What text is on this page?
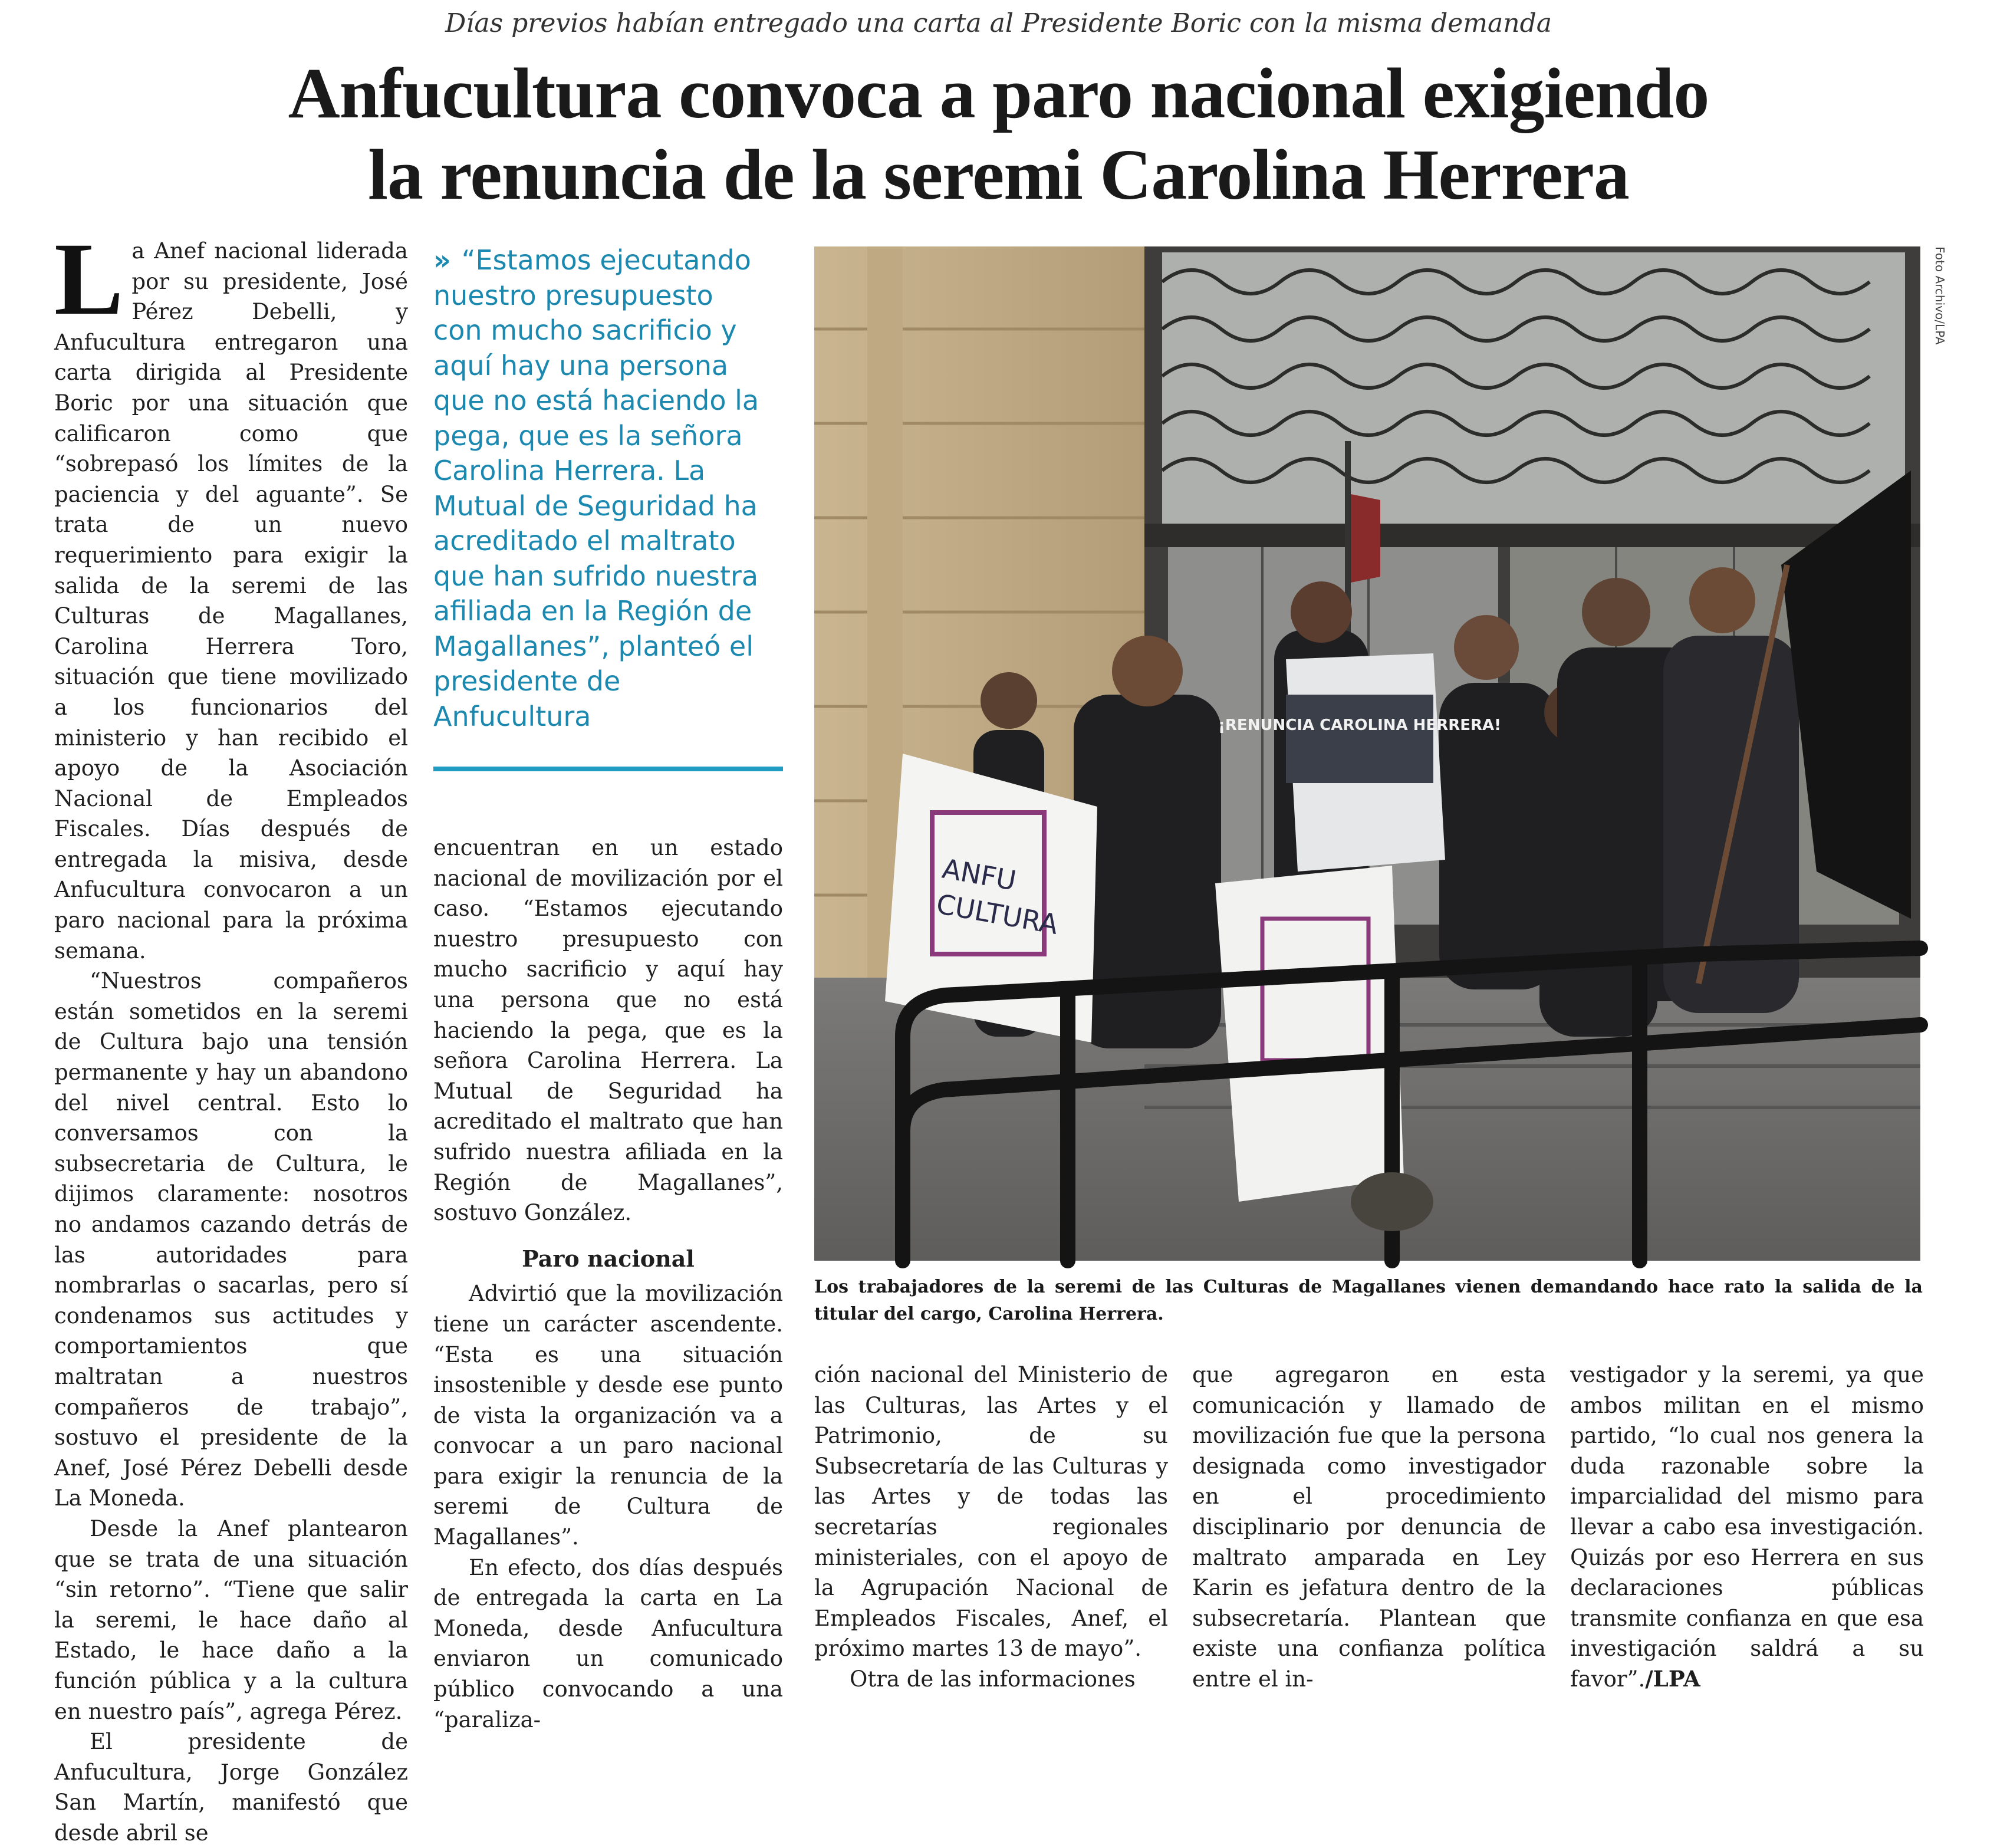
Días previos habían entregado una carta al Presidente Boric con la misma demanda
Anfucultura convoca a paro nacional exigiendo
la renuncia de la seremi Carolina Herrera

La Anef nacional liderada por su presidente, José Pérez Debelli, y Anfucultura entregaron una carta dirigida al Presidente Boric por una situación que calificaron como que “sobrepasó los límites de la paciencia y del aguante”. Se trata de un nuevo requerimiento para exigir la salida de la seremi de las Culturas de Magallanes, Carolina Herrera Toro, situación que tiene movilizado a los funcionarios del ministerio y han recibido el apoyo de la Asociación Nacional de Empleados Fiscales. Días después de entregada la misiva, desde Anfucultura convocaron a un paro nacional para la próxima semana.

“Nuestros compañeros están sometidos en la seremi de Cultura bajo una tensión permanente y hay un abandono del nivel central. Esto lo conversamos con la subsecretaria de Cultura, le dijimos claramente: nosotros no andamos cazando detrás de las autoridades para nombrarlas o sacarlas, pero sí condenamos sus actitudes y comportamientos que maltratan a nuestros compañeros de trabajo”, sostuvo el presidente de la Anef, José Pérez Debelli desde La Moneda.

Desde la Anef plantearon que se trata de una situación “sin retorno”. “Tiene que salir la seremi, le hace daño al Estado, le hace daño a la función pública y a la cultura en nuestro país”, agrega Pérez.

El presidente de Anfucultura, Jorge González San Martín, manifestó que desde abril se

» “Estamos ejecutando nuestro presupuesto con mucho sacrificio y aquí hay una persona que no está haciendo la pega, que es la señora Carolina Herrera. La Mutual de Seguridad ha acreditado el maltrato que han sufrido nuestra afiliada en la Región de Magallanes”, planteó el presidente de Anfucultura

encuentran en un estado nacional de movilización por el caso. “Estamos ejecutando nuestro presupuesto con mucho sacrificio y aquí hay una persona que no está haciendo la pega, que es la señora Carolina Herrera. La Mutual de Seguridad ha acreditado el maltrato que han sufrido nuestra afiliada en la Región de Magallanes”, sostuvo González.

Paro nacional

Advirtió que la movilización tiene un carácter ascendente. “Esta es una situación insostenible y desde ese punto de vista la organización va a convocar a un paro nacional para exigir la renuncia de la seremi de Cultura de Magallanes”.

En efecto, dos días después de entregada la carta en La Moneda, desde Anfucultura enviaron un comunicado público convocando a una “paraliza-

ANFU
CULTURA
¡RENUNCIA CAROLINA HERRERA!
Foto Archivo/LPA
Los trabajadores de la seremi de las Culturas de Magallanes vienen demandando hace rato la salida de la titular del cargo, Carolina Herrera.

ción nacional del Ministerio de las Culturas, las Artes y el Patrimonio, de su Subsecretaría de las Culturas y las Artes y de todas las secretarías regionales ministeriales, con el apoyo de la Agrupación Nacional de Empleados Fiscales, Anef, el próximo martes 13 de mayo”.

Otra de las informaciones

que agregaron en esta comunicación y llamado de movilización fue que la persona designada como investigador en el procedimiento disciplinario por denuncia de maltrato amparada en Ley Karin es jefatura dentro de la subsecretaría. Plantean que existe una confianza política entre el in-

vestigador y la seremi, ya que ambos militan en el mismo partido, “lo cual nos genera la duda razonable sobre la imparcialidad del mismo para llevar a cabo esa investigación. Quizás por eso Herrera en sus declaraciones públicas transmite confianza en que esa investigación saldrá a su favor”./LPA
